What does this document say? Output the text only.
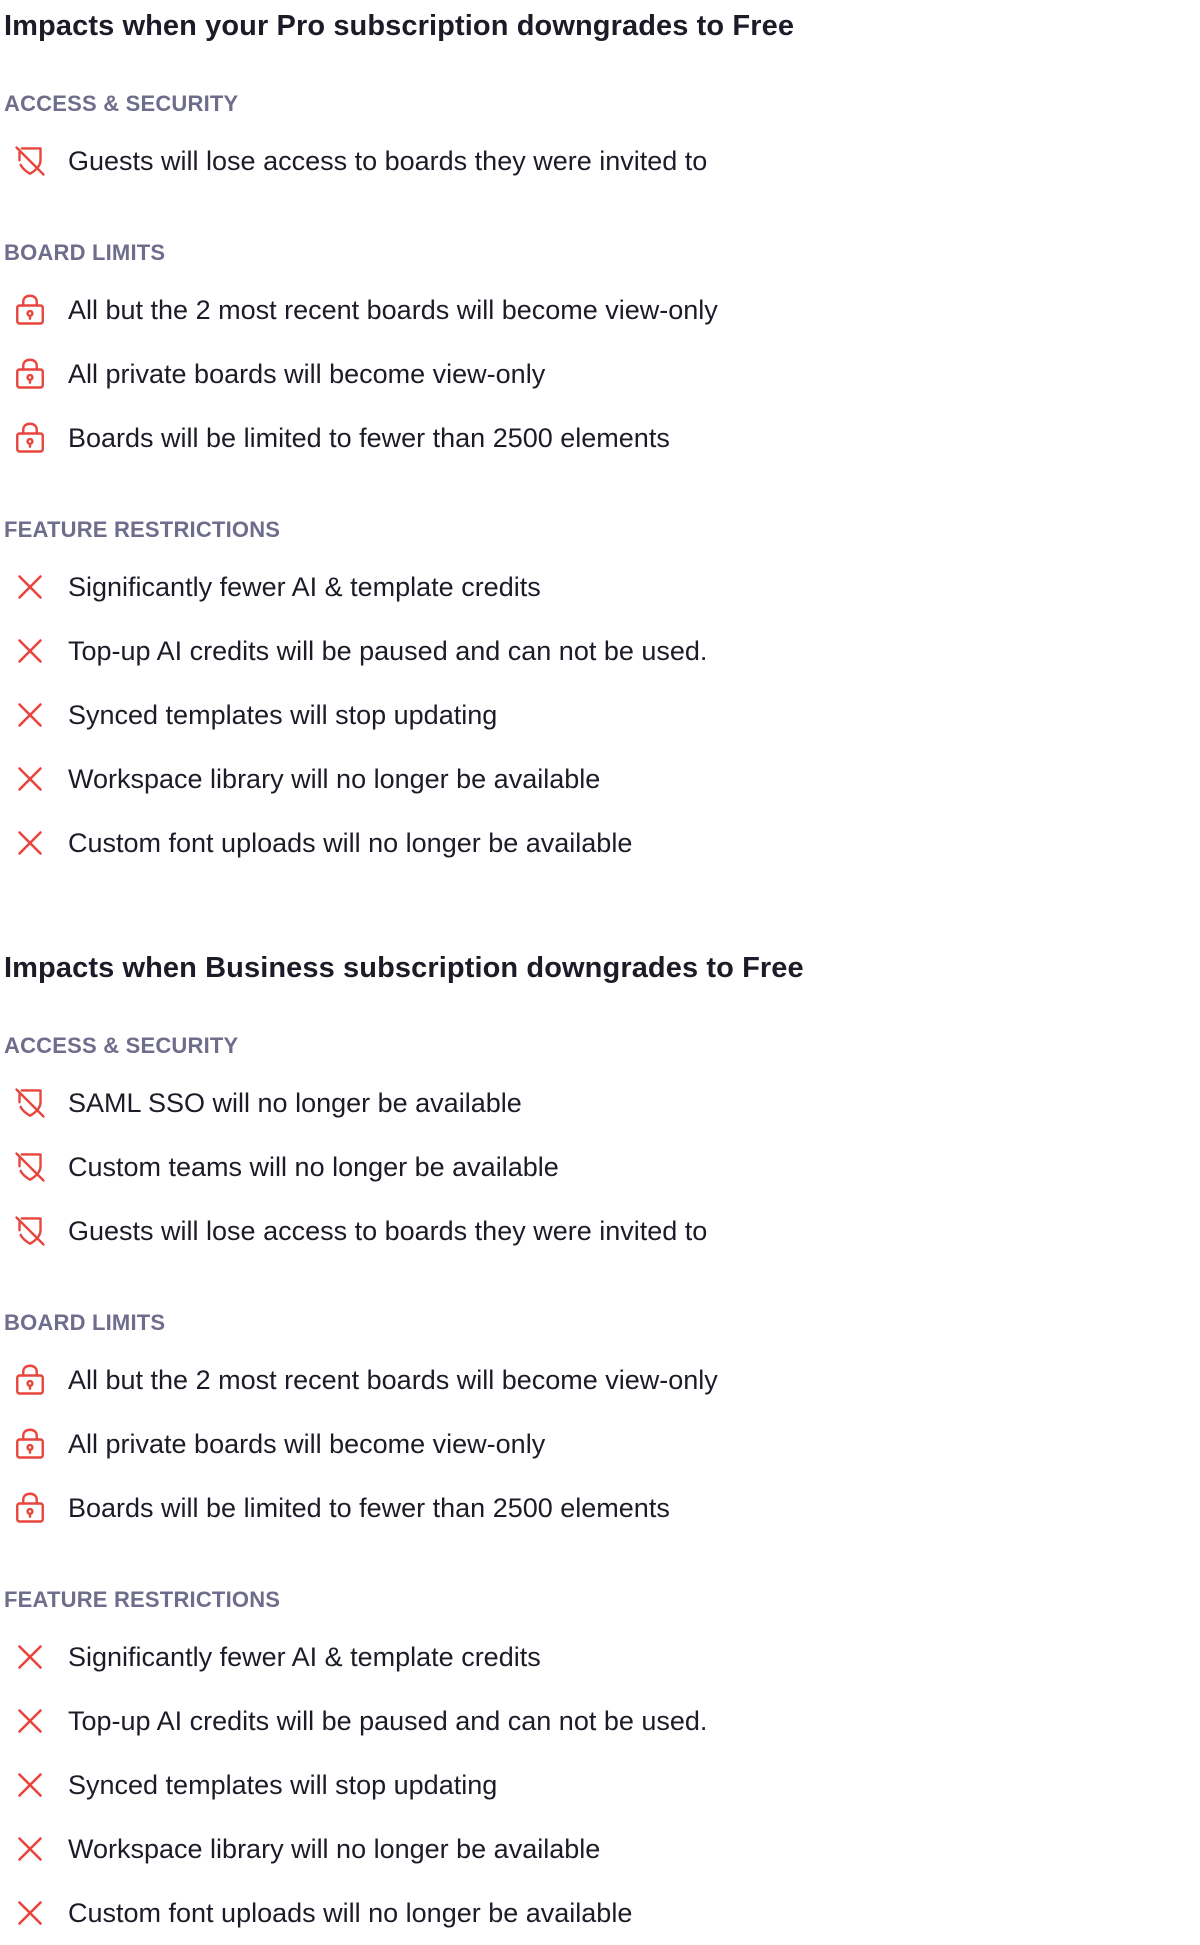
Impacts when your Pro subscription downgrades to Free
ACCESS & SECURITY
Guests will lose access to boards they were invited to
BOARD LIMITS
All but the 2 most recent boards will become view-only
All private boards will become view-only
Boards will be limited to fewer than 2500 elements
FEATURE RESTRICTIONS
Significantly fewer AI & template credits
Top-up AI credits will be paused and can not be used.
Synced templates will stop updating
Workspace library will no longer be available
Custom font uploads will no longer be available
Impacts when Business subscription downgrades to Free
ACCESS & SECURITY
SAML SSO will no longer be available
Custom teams will no longer be available
Guests will lose access to boards they were invited to
BOARD LIMITS
All but the 2 most recent boards will become view-only
All private boards will become view-only
Boards will be limited to fewer than 2500 elements
FEATURE RESTRICTIONS
Significantly fewer AI & template credits
Top-up AI credits will be paused and can not be used.
Synced templates will stop updating
Workspace library will no longer be available
Custom font uploads will no longer be available
